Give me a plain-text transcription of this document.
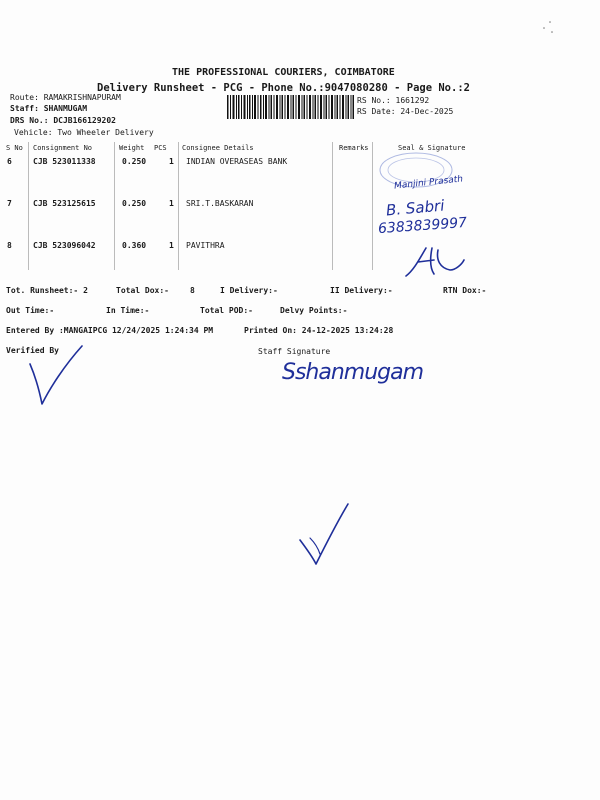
THE PROFESSIONAL COURIERS, COIMBATORE
Delivery Runsheet - PCG - Phone No.:9047080280 - Page No.:2
Route: RAMAKRISHNAPURAM
Staff: SHANMUGAM
DRS No.: DCJB166129202
Vehicle: Two Wheeler Delivery
RS No.: 1661292
RS Date: 24-Dec-2025
S No Consignment No	Weight PCS Consignee Details	Remarks	Seal & Signature
6	CJB 523011338	0.250	1 INDIAN OVERASEAS BANK
7	CJB 523125615	0.250	1 SRI.T.BASKARAN
8	CJB 523096042	0.360	1 PAVITHRA
Manjini Prasath
B. Sabri
6383839997
Tot. Runsheet:- 2	Total Dox:-	8	I Delivery:-	II Delivery:-	RTN Dox:-
Out Time:-	In Time:-	Total POD:-	Delvy Points:-
Entered By :MANGAIPCG 12/24/2025 1:24:34 PM	Printed On: 24-12-2025 13:24:28
Verified By	Staff Signature
Sshanmugam
